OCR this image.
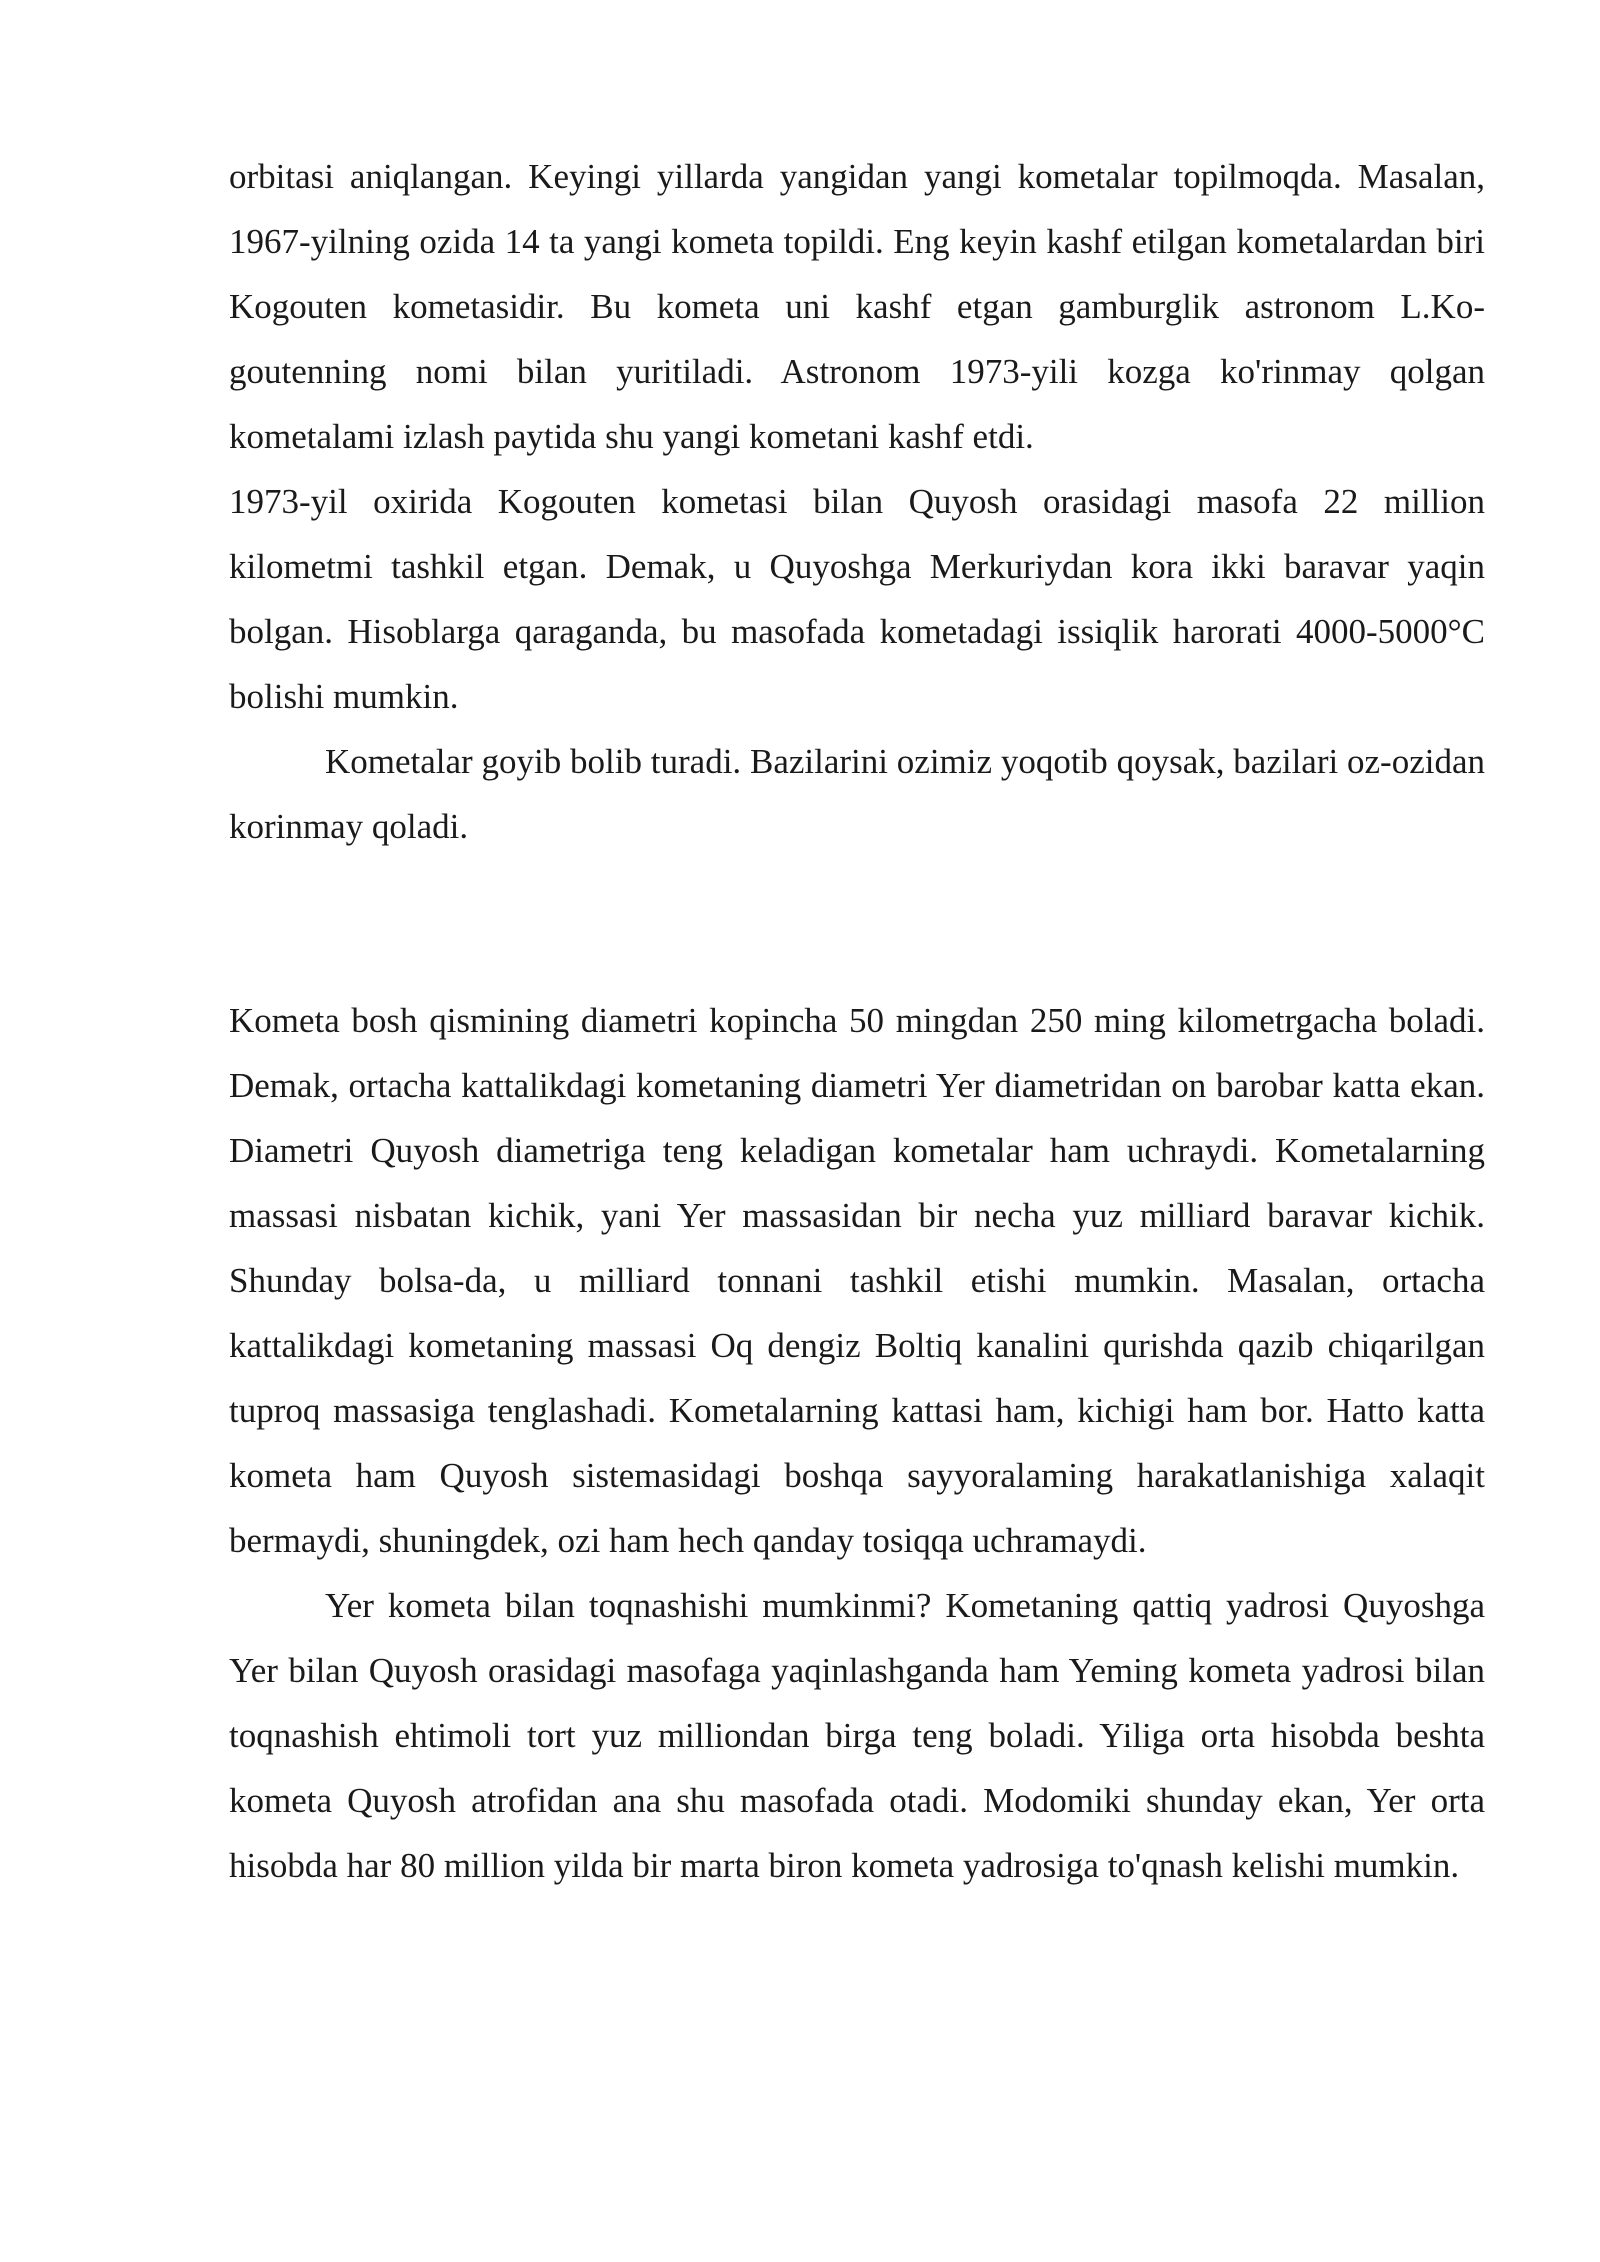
orbitasi aniqlangan. Keyingi yillarda yangidan yangi kometalar topilmoqda. Masalan, 1967-yilning ozida 14 ta yangi kometa topildi. Eng keyin kashf etilgan kometalardan biri Kogouten kometasidir. Bu kometa uni kashf etgan gamburglik astronom L.Ko- goutenning nomi bilan yuritiladi. Astronom 1973-yili kozga ko'rinmay qolgan kometalami izlash paytida shu yangi kometani kashf etdi.

1973-yil oxirida Kogouten kometasi bilan Quyosh orasidagi masofa 22 million kilometmi tashkil etgan. Demak, u Quyoshga Merkuriydan kora ikki baravar yaqin bolgan. Hisoblarga qaraganda, bu masofada kometadagi issiqlik harorati 4000-5000°C bolishi mumkin.

Kometalar goyib bolib turadi. Bazilarini ozimiz yoqotib qoysak, bazilari oz-ozidan korinmay qoladi.

Kometa bosh qismining diametri kopincha 50 mingdan 250 ming kilometrgacha boladi. Demak, ortacha kattalikdagi kometaning diametri Yer diametridan on barobar katta ekan. Diametri Quyosh diametriga teng keladigan kometalar ham uchraydi. Kometalarning massasi nisbatan kichik, yani Yer massasidan bir necha yuz milliard baravar kichik. Shunday bolsa-da, u milliard tonnani tashkil etishi mumkin. Masalan, ortacha kattalikdagi kometaning massasi Oq dengiz Boltiq kanalini qurishda qazib chiqarilgan tuproq massasiga tenglashadi. Kometalarning kattasi ham, kichigi ham bor. Hatto katta kometa ham Quyosh sistemasidagi boshqa sayyoralaming harakatlanishiga xalaqit bermaydi, shuningdek, ozi ham hech qanday tosiqqa uchramaydi.

Yer kometa bilan toqnashishi mumkinmi? Kometaning qattiq yadrosi Quyoshga Yer bilan Quyosh orasidagi masofaga yaqinlashganda ham Yeming kometa yadrosi bilan toqnashish ehtimoli tort yuz milliondan birga teng boladi. Yiliga orta hisobda beshta kometa Quyosh atrofidan ana shu masofada otadi. Modomiki shunday ekan, Yer orta hisobda har 80 million yilda bir marta biron kometa yadrosiga to'qnash kelishi mumkin.
